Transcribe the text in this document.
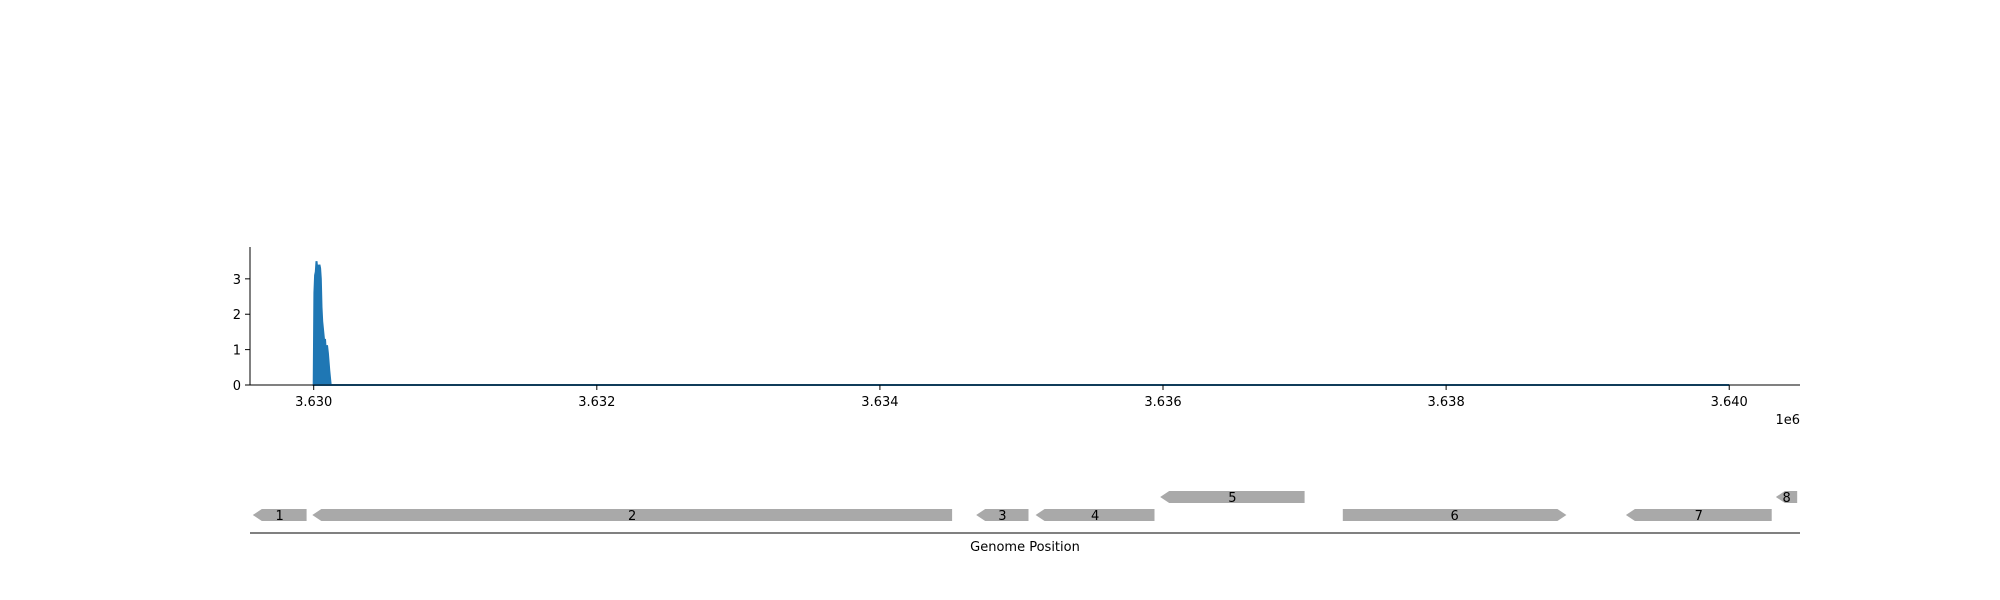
3.630	3.632	3.634	3.636	3.638	3.640
0
1
2
3
1e6
1	2	3	4
5
6	7
8
Genome Position
